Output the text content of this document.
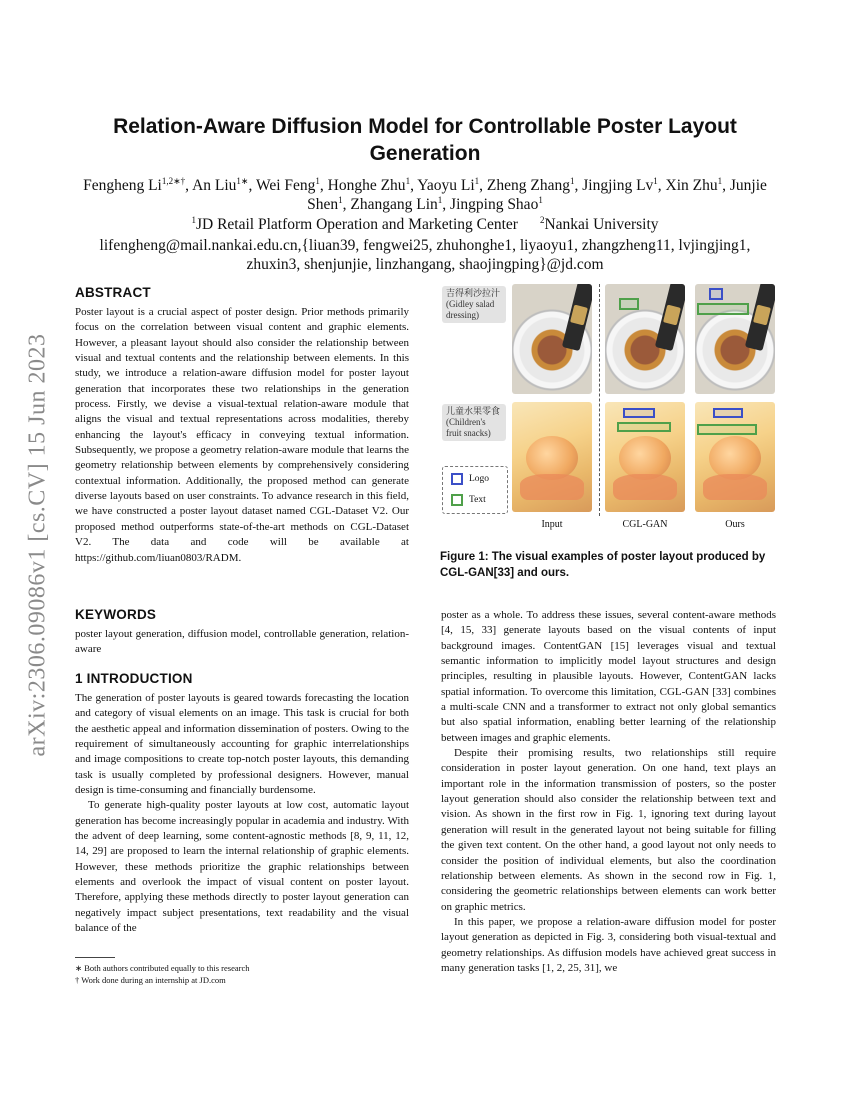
arXiv:2306.09086v1 [cs.CV] 15 Jun 2023
Relation-Aware Diffusion Model for Controllable Poster Layout Generation
Fengheng $Li^{1,2∗\dagger}$, An Liu$^{1∗}$, Wei Feng$^1$, Honghe Zhu$^1$, Yaoyu Li$^1$, Zheng Zhang$^1$, Jingjing Lv$^1$, Xin Zhu$^1$, Junjie Shen$^1$, Zhangang Lin$^1$, Jingping Shao$^1$
$^1$JD Retail Platform Operation and Marketing Center $^2$Nankai University
lifengheng@mail.nankai.edu.cn,{liuan39, fengwei25, zhuhonghe1, liyaoyu1, zhangzheng11, lvjingjing1, zhuxin3, shenjunjie, linzhangang, shaojingping}@jd.com
ABSTRACT

Poster layout is a crucial aspect of poster design. Prior methods primarily focus on the correlation between visual content and graphic elements. However, a pleasant layout should also consider the relationship between visual and textual contents and the relationship between elements. In this study, we introduce a relation-aware diffusion model for poster layout generation that incorporates these two relationships in the generation process. Firstly, we devise a visual-textual relation-aware module that aligns the visual and textual representations across modalities, thereby enhancing the layout's efficacy in conveying textual information. Subsequently, we propose a geometry relation-aware module that learns the geometry relationship between elements by comprehensively considering contextual information. Additionally, the proposed method can generate diverse layouts based on user constraints. To advance research in this field, we have constructed a poster layout dataset named CGL-Dataset V2. Our proposed method outperforms state-of-the-art methods on CGL-Dataset V2. The data and code will be available at https://github.com/liuan0803/RADM.

KEYWORDS

poster layout generation, diffusion model, controllable generation, relation-aware

1 INTRODUCTION

The generation of poster layouts is geared towards forecasting the location and category of visual elements on an image. This task is crucial for both the aesthetic appeal and information dissemination of posters. Owing to the requirement of simultaneously accounting for graphic interrelationships and image compositions to create top-notch poster layouts, this demanding task is usually completed by professional designers. However, manual design is time-consuming and financially burdensome.

To generate high-quality poster layouts at low cost, automatic layout generation has become increasingly popular in academia and industry. With the advent of deep learning, some content-agnostic methods [8, 9, 11, 12, 14, 29] are proposed to learn the internal relationship of graphic elements. However, these methods prioritize the graphic relationships between elements and overlook the impact of visual content on poster layout. Therefore, applying these methods directly to poster layout generation can negatively impact subject presentations, text readability and the visual balance of the

吉得利沙拉汁 (Gidley salad dressing)
儿童水果零食 (Children's fruit snacks)
Logo
Text
Input	CGL-GAN	Ours
Figure 1: The visual examples of poster layout produced by CGL-GAN[33] and ours.

poster as a whole. To address these issues, several content-aware methods [4, 15, 33] generate layouts based on the visual contents of input background images. ContentGAN [15] leverages visual and textual semantic information to implicitly model layout structures and design principles, resulting in plausible layouts. However, ContentGAN lacks spatial information. To overcome this limitation, CGL-GAN [33] combines a multi-scale CNN and a transformer to extract not only global semantics but also spatial information, enabling better learning of the relationship between images and graphic elements.

Despite their promising results, two relationships still require consideration in poster layout generation. On one hand, text plays an important role in the information transmission of posters, so the poster layout generation should also consider the relationship between text and vision. As shown in the first row in Fig. 1, ignoring text during layout generation will result in the generated layout not being suitable for filling the given text content. On the other hand, a good layout not only needs to consider the position of individual elements, but also the coordination relationship between elements. As shown in the second row in Fig. 1, considering the geometric relationships between elements can work better on graphic metrics.

In this paper, we propose a relation-aware diffusion model for poster layout generation as depicted in Fig. 3, considering both visual-textual and geometry relationships. As diffusion models have achieved great success in many generation tasks [1, 2, 25, 31], we

∗ Both authors contributed equally to this research
† Work done during an internship at JD.com
